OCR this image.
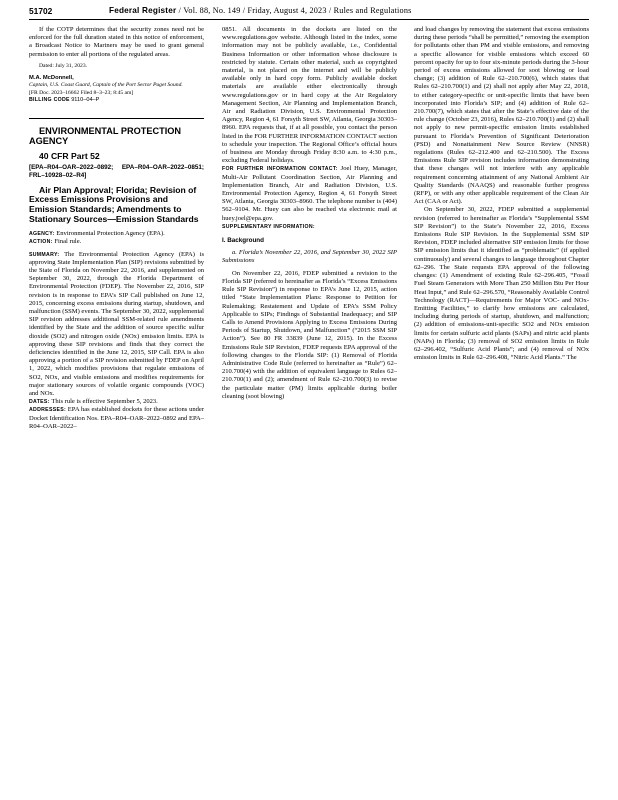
51702	Federal Register / Vol. 88, No. 149 / Friday, August 4, 2023 / Rules and Regulations

If the COTP determines that the security zones need not be enforced for the full duration stated in this notice of enforcement, a Broadcast Notice to Mariners may be used to grant general permission to enter all portions of the regulated areas.

Dated: July 31, 2023.

M.A. McDonnell,

Captain, U.S. Coast Guard, Captain of the Port Sector Puget Sound.

[FR Doc. 2023–16662 Filed 8–3–23; 8:45 am]

BILLING CODE 9110–04–P

ENVIRONMENTAL PROTECTION AGENCY

40 CFR Part 52

[EPA–R04–OAR–2022–0892; EPA–R04–OAR–2022–0851; FRL–10928–02–R4]

Air Plan Approval; Florida; Revision of Excess Emissions Provisions and Emission Standards; Amendments to Stationary Sources—Emission Standards

AGENCY: Environmental Protection Agency (EPA).

ACTION: Final rule.

SUMMARY: The Environmental Protection Agency (EPA) is approving State Implementation Plan (SIP) revisions submitted by the State of Florida on November 22, 2016, and supplemented on September 30, 2022, through the Florida Department of Environmental Protection (FDEP). The November 22, 2016, SIP revision is in response to EPA’s SIP Call published on June 12, 2015, concerning excess emissions during startup, shutdown, and malfunction (SSM) events. The September 30, 2022, supplemental SIP revision addresses additional SSM-related rule amendments identified by the State and the addition of source specific sulfur dioxide (SO2) and nitrogen oxide (NOx) emission limits. EPA is approving these SIP revisions and finds that they correct the deficiencies identified in the June 12, 2015, SIP Call. EPA is also approving a portion of a SIP revision submitted by FDEP on April 1, 2022, which modifies provisions that regulate emissions of SO2, NOx, and visible emissions and modifies requirements for major stationary sources of volatile organic compounds (VOC) and NOx.

DATES: This rule is effective September 5, 2023.

ADDRESSES: EPA has established dockets for these actions under Docket Identification Nos. EPA–R04–OAR–2022–0892 and EPA–R04–OAR–2022–

0851. All documents in the dockets are listed on the www.regulations.gov website. Although listed in the index, some information may not be publicly available, i.e., Confidential Business Information or other information whose disclosure is restricted by statute. Certain other material, such as copyrighted material, is not placed on the internet and will be publicly available only in hard copy form. Publicly available docket materials are available either electronically through www.regulations.gov or in hard copy at the Air Regulatory Management Section, Air Planning and Implementation Branch, Air and Radiation Division, U.S. Environmental Protection Agency, Region 4, 61 Forsyth Street SW, Atlanta, Georgia 30303–8960. EPA requests that, if at all possible, you contact the person listed in the FOR FURTHER INFORMATION CONTACT section to schedule your inspection. The Regional Office’s official hours of business are Monday through Friday 8:30 a.m. to 4:30 p.m., excluding Federal holidays.

FOR FURTHER INFORMATION CONTACT: Joel Huey, Manager, Multi-Air Pollutant Coordination Section, Air Planning and Implementation Branch, Air and Radiation Division, U.S. Environmental Protection Agency, Region 4, 61 Forsyth Street SW, Atlanta, Georgia 30303–8960. The telephone number is (404) 562–9104. Mr. Huey can also be reached via electronic mail at huey.joel@epa.gov.

SUPPLEMENTARY INFORMATION:

I. Background

a. Florida’s November 22, 2016, and September 30, 2022 SIP Submissions

On November 22, 2016, FDEP submitted a revision to the Florida SIP (referred to hereinafter as Florida’s “Excess Emissions Rule SIP Revision”) in response to EPA’s June 12, 2015, action titled “State Implementation Plans: Response to Petition for Rulemaking; Restatement and Update of EPA’s SSM Policy Applicable to SIPs; Findings of Substantial Inadequacy; and SIP Calls to Amend Provisions Applying to Excess Emissions During Periods of Startup, Shutdown, and Malfunction” (“2015 SSM SIP Action”). See 80 FR 33839 (June 12, 2015). In the Excess Emissions Rule SIP Revision, FDEP requests EPA approval of the following changes to the Florida SIP: (1) Removal of Florida Administrative Code Rule (referred to hereinafter as “Rule”) 62–210.700(4) with the addition of equivalent language to Rules 62–210.700(1) and (2); amendment of Rule 62–210.700(3) to revise the particulate matter (PM) limits applicable during boiler cleaning (soot blowing)

and load changes by removing the statement that excess emissions during these periods “shall be permitted,” removing the exemption for pollutants other than PM and visible emissions, and removing a specific allowance for visible emissions which exceed 60 percent opacity for up to four six-minute periods during the 3-hour period of excess emissions allowed for soot blowing or load change; (3) addition of Rule 62–210.700(6), which states that Rules 62–210.700(1) and (2) shall not apply after May 22, 2018, to either category-specific or unit-specific limits that have been incorporated into Florida’s SIP; and (4) addition of Rule 62–210.700(7), which states that after the State’s effective date of the rule change (October 23, 2016), Rules 62–210.700(1) and (2) shall not apply to new permit-specific emission limits established pursuant to Florida’s Prevention of Significant Deterioration (PSD) and Nonattainment New Source Review (NNSR) regulations (Rules 62–212.400 and 62–210.500). The Excess Emissions Rule SIP revision includes information demonstrating that these changes will not interfere with any applicable requirement concerning attainment of any National Ambient Air Quality Standards (NAAQS) and reasonable further progress (RFP), or with any other applicable requirement of the Clean Air Act (CAA or Act).

On September 30, 2022, FDEP submitted a supplemental revision (referred to hereinafter as Florida’s “Supplemental SSM SIP Revision”) to the State’s November 22, 2016, Excess Emissions Rule SIP Revision. In the Supplemental SSM SIP Revision, FDEP included alternative SIP emission limits for those SIP emission limits that it identified as “problematic” (if applied continuously) and several changes to language throughout Chapter 62–296. The State requests EPA approval of the following changes: (1) Amendment of existing Rule 62–296.405, “Fossil Fuel Steam Generators with More Than 250 Million Btu Per Hour Heat Input,” and Rule 62–296.570, “Reasonably Available Control Technology (RACT)—Requirements for Major VOC- and NOx-Emitting Facilities,” to clarify how emissions are calculated, including during periods of startup, shutdown, and malfunction; (2) addition of emissions-unit-specific SO2 and NOx emission limits for certain sulfuric acid plants (SAPs) and nitric acid plants (NAPs) in Florida; (3) removal of SO2 emission limits in Rule 62–296.402, “Sulfuric Acid Plants”; and (4) removal of NOx emission limits in Rule 62–296.408, “Nitric Acid Plants.” The
